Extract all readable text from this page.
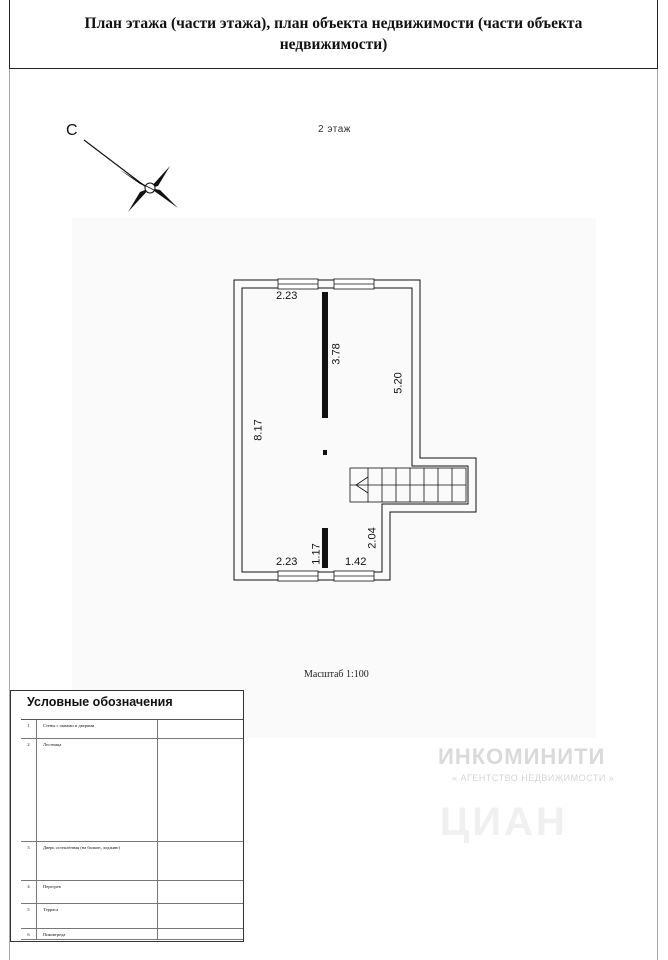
План этажа (части этажа), план объекта недвижимости (части объекта недвижимости)
2 этаж
С
2.23
3.78
5.20
8.17
2.23 1.17 1.42
2.04
Масштаб 1:100
Условные обозначения
1	Стены с окнами и дверями
2	Лестница
3	Дверь остеклённая (на балкон, лоджию)
4	Перегрев
5	Терраса
6	Пиковтреда
ИНКОМИНИТИ
« АГЕНТСТВО НЕДВИЖИМОСТИ »
ЦИАН
